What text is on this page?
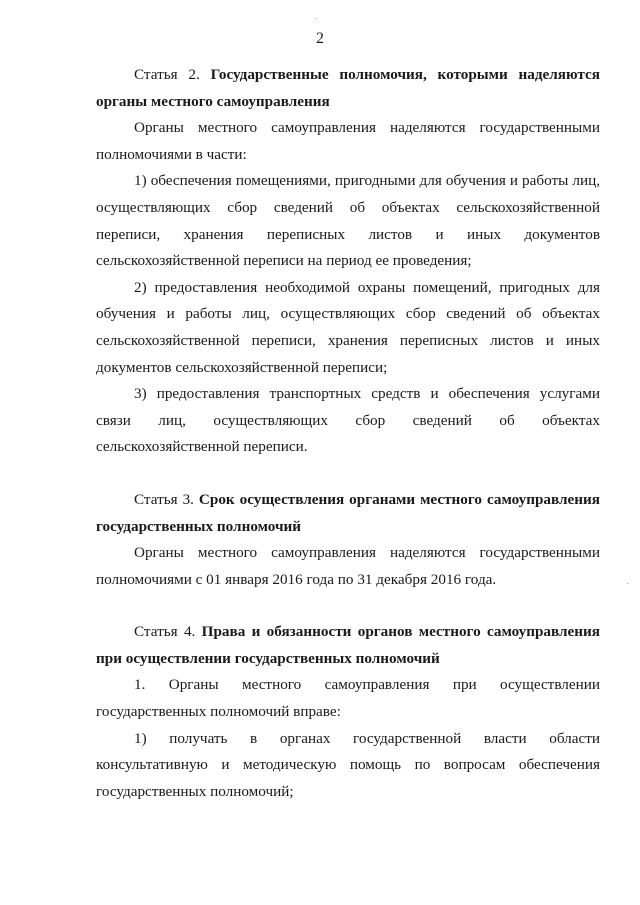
2

Статья 2. Государственные полномочия, которыми наделяются органы местного самоуправления

Органы местного самоуправления наделяются государственными полномочиями в части:

1) обеспечения помещениями, пригодными для обучения и работы лиц, осуществляющих сбор сведений об объектах сельскохозяйственной переписи, хранения переписных листов и иных документов сельскохозяйственной переписи на период ее проведения;

2) предоставления необходимой охраны помещений, пригодных для обучения и работы лиц, осуществляющих сбор сведений об объектах сельскохозяйственной переписи, хранения переписных листов и иных документов сельскохозяйственной переписи;

3) предоставления транспортных средств и обеспечения услугами связи лиц, осуществляющих сбор сведений об объектах сельскохозяйственной переписи.

Статья 3. Срок осуществления органами местного самоуправления государственных полномочий

Органы местного самоуправления наделяются государственными полномочиями с 01 января 2016 года по 31 декабря 2016 года.

Статья 4. Права и обязанности органов местного самоуправления при осуществлении государственных полномочий

1. Органы местного самоуправления при осуществлении государственных полномочий вправе:

1) получать в органах государственной власти области консультативную и методическую помощь по вопросам обеспечения государственных полномочий;
